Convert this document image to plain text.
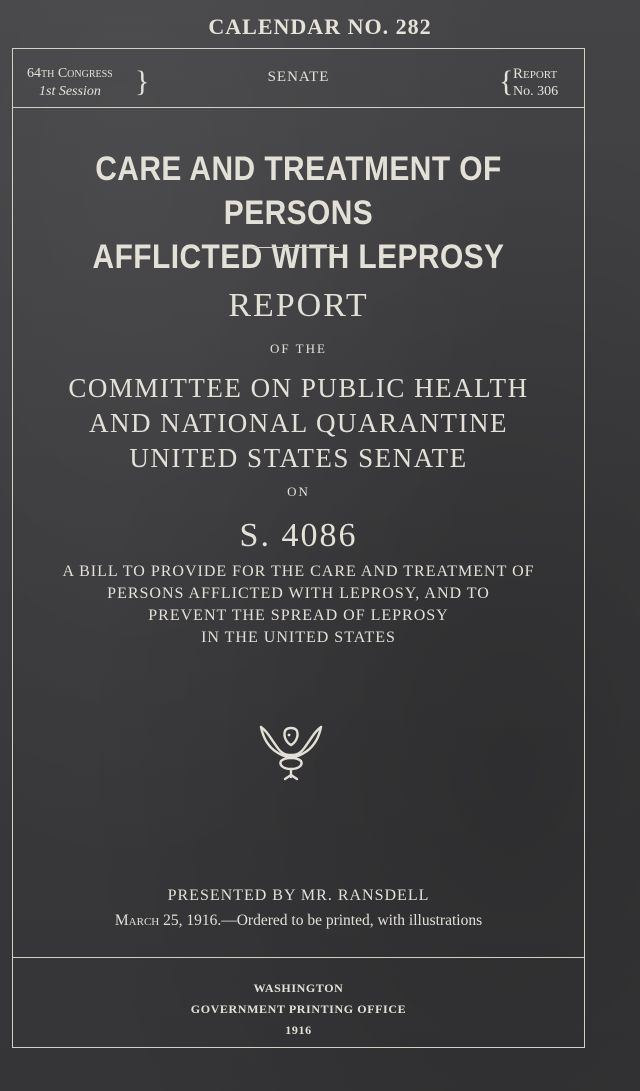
CALENDAR NO. 282
64th Congress
1st Session	}	SENATE	{ Report
No. 306
CARE AND TREATMENT OF PERSONS
AFFLICTED WITH LEPROSY
REPORT
OF THE
COMMITTEE ON PUBLIC HEALTH
AND NATIONAL QUARANTINE
UNITED STATES SENATE
ON
S. 4086
A BILL TO PROVIDE FOR THE CARE AND TREATMENT OF
PERSONS AFFLICTED WITH LEPROSY, AND TO
PREVENT THE SPREAD OF LEPROSY
IN THE UNITED STATES
PRESENTED BY MR. RANSDELL
March 25, 1916.—Ordered to be printed, with illustrations
WASHINGTON
GOVERNMENT PRINTING OFFICE
1916
